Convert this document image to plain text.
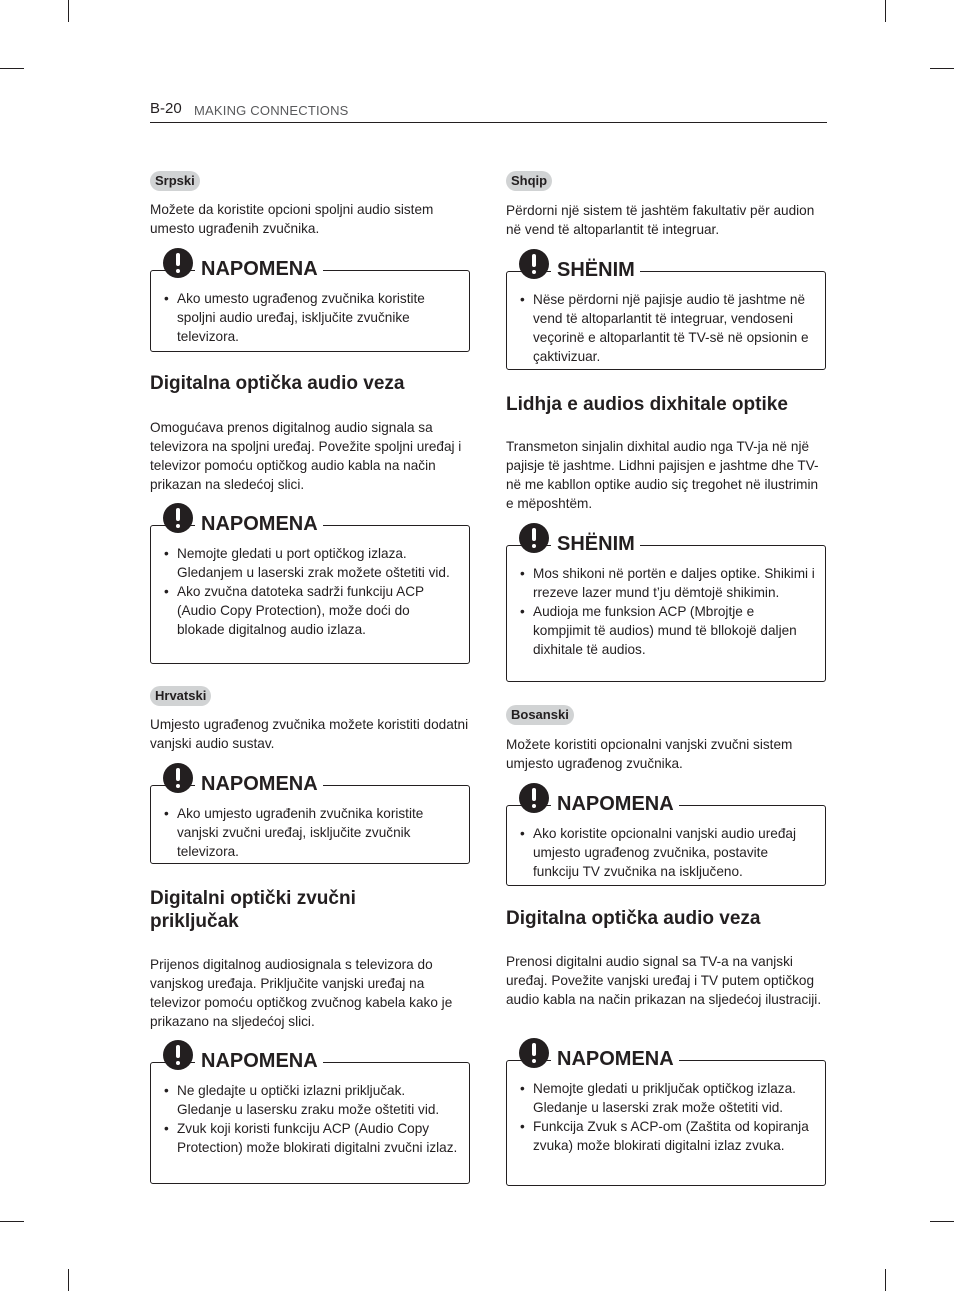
B-20 MAKING CONNECTIONS
Srpski

Možete da koristite opcioni spoljni audio sistem umesto ugrađenih zvučnika.

NAPOMENA
• Ako umesto ugrađenog zvučnika koristite spoljni audio uređaj, isključite zvučnike televizora.
Digitalna optička audio veza

Omogućava prenos digitalnog audio signala sa televizora na spoljni uređaj. Povežite spoljni uređaj i televizor pomoću optičkog audio kabla na način prikazan na sledećoj slici.

NAPOMENA
• Nemojte gledati u port optičkog izlaza. Gledanjem u laserski zrak možete oštetiti vid.
• Ako zvučna datoteka sadrži funkciju ACP (Audio Copy Protection), može doći do blokade digitalnog audio izlaza.
Hrvatski

Umjesto ugrađenog zvučnika možete koristiti dodatni vanjski audio sustav.

NAPOMENA
• Ako umjesto ugrađenih zvučnika koristite vanjski zvučni uređaj, isključite zvučnik televizora.
Digitalni optički zvučni priključak

Prijenos digitalnog audiosignala s televizora do vanjskog uređaja. Priključite vanjski uređaj na televizor pomoću optičkog zvučnog kabela kako je prikazano na sljedećoj slici.

NAPOMENA
• Ne gledajte u optički izlazni priključak. Gledanje u lasersku zraku može oštetiti vid.
• Zvuk koji koristi funkciju ACP (Audio Copy Protection) može blokirati digitalni zvučni izlaz.
Shqip

Përdorni një sistem të jashtëm fakultativ për audion në vend të altoparlantit të integruar.

SHËNIM
• Nëse përdorni një pajisje audio të jashtme në vend të altoparlantit të integruar, vendoseni veçorinë e altoparlantit të TV-së në opsionin e çaktivizuar.
Lidhja e audios dixhitale optike

Transmeton sinjalin dixhital audio nga TV-ja në një pajisje të jashtme. Lidhni pajisjen e jashtme dhe TV-në me kabllon optike audio siç tregohet në ilustrimin e mëposhtëm.

SHËNIM
• Mos shikoni në portën e daljes optike. Shikimi i rrezeve lazer mund t’ju dëmtojë shikimin.
• Audioja me funksion ACP (Mbrojtje e kompjimit të audios) mund të bllokojë daljen dixhitale të audios.
Bosanski

Možete koristiti opcionalni vanjski zvučni sistem umjesto ugrađenog zvučnika.

NAPOMENA
• Ako koristite opcionalni vanjski audio uređaj umjesto ugrađenog zvučnika, postavite funkciju TV zvučnika na isključeno.
Digitalna optička audio veza

Prenosi digitalni audio signal sa TV-a na vanjski uređaj. Povežite vanjski uređaj i TV putem optičkog audio kabla na način prikazan na sljedećoj ilustraciji.

NAPOMENA
• Nemojte gledati u priključak optičkog izlaza. Gledanje u laserski zrak može oštetiti vid.
• Funkcija Zvuk s ACP-om (Zaštita od kopiranja zvuka) može blokirati digitalni izlaz zvuka.
